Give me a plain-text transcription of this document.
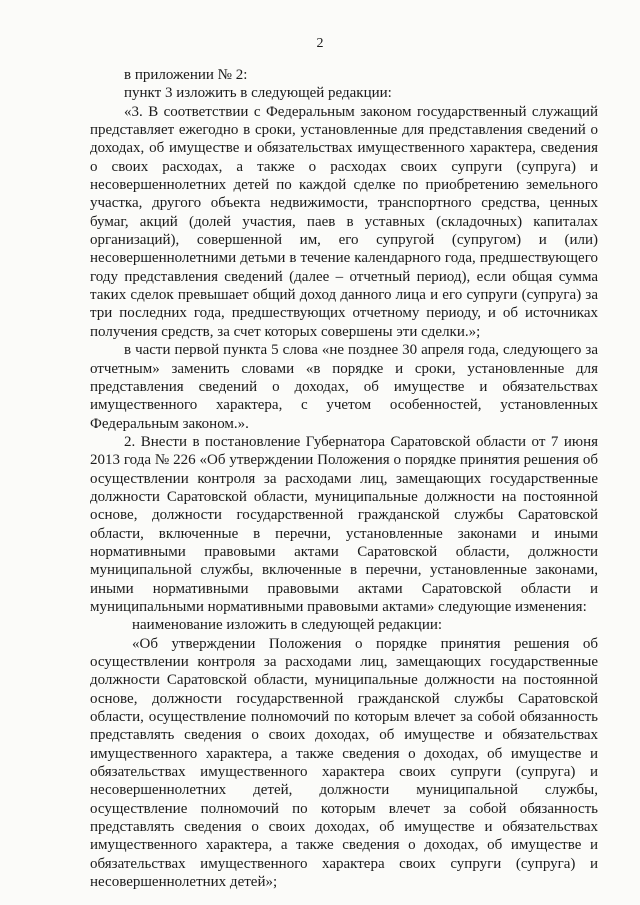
2

в приложении № 2:

пункт 3 изложить в следующей редакции:

«3. В соответствии с Федеральным законом государственный служащий представляет ежегодно в сроки, установленные для представления сведений о доходах, об имуществе и обязательствах имущественного характера, сведения о своих расходах, а также о расходах своих супруги (супруга) и несовершеннолетних детей по каждой сделке по приобретению земельного участка, другого объекта недвижимости, транспортного средства, ценных бумаг, акций (долей участия, паев в уставных (складочных) капиталах организаций), совершенной им, его супругой (супругом) и (или) несовершеннолетними детьми в течение календарного года, предшествующего году представления сведений (далее – отчетный период), если общая сумма таких сделок превышает общий доход данного лица и его супруги (супруга) за три последних года, предшествующих отчетному периоду, и об источниках получения средств, за счет которых совершены эти сделки.»;

в части первой пункта 5 слова «не позднее 30 апреля года, следующего за отчетным» заменить словами «в порядке и сроки, установленные для представления сведений о доходах, об имуществе и обязательствах имущественного характера, с учетом особенностей, установленных Федеральным законом.».

2. Внести в постановление Губернатора Саратовской области от 7 июня 2013 года № 226 «Об утверждении Положения о порядке принятия решения об осуществлении контроля за расходами лиц, замещающих государственные должности Саратовской области, муниципальные должности на постоянной основе, должности государственной гражданской службы Саратовской области, включенные в перечни, установленные законами и иными нормативными правовыми актами Саратовской области, должности муниципальной службы, включенные в перечни, установленные законами, иными нормативными правовыми актами Саратовской области и муниципальными нормативными правовыми актами» следующие изменения:

наименование изложить в следующей редакции:

«Об утверждении Положения о порядке принятия решения об осуществлении контроля за расходами лиц, замещающих государственные должности Саратовской области, муниципальные должности на постоянной основе, должности государственной гражданской службы Саратовской области, осуществление полномочий по которым влечет за собой обязанность представлять сведения о своих доходах, об имуществе и обязательствах имущественного характера, а также сведения о доходах, об имуществе и обязательствах имущественного характера своих супруги (супруга) и несовершеннолетних детей, должности муниципальной службы, осуществление полномочий по которым влечет за собой обязанность представлять сведения о своих доходах, об имуществе и обязательствах имущественного характера, а также сведения о доходах, об имуществе и обязательствах имущественного характера своих супруги (супруга) и несовершеннолетних детей»;
